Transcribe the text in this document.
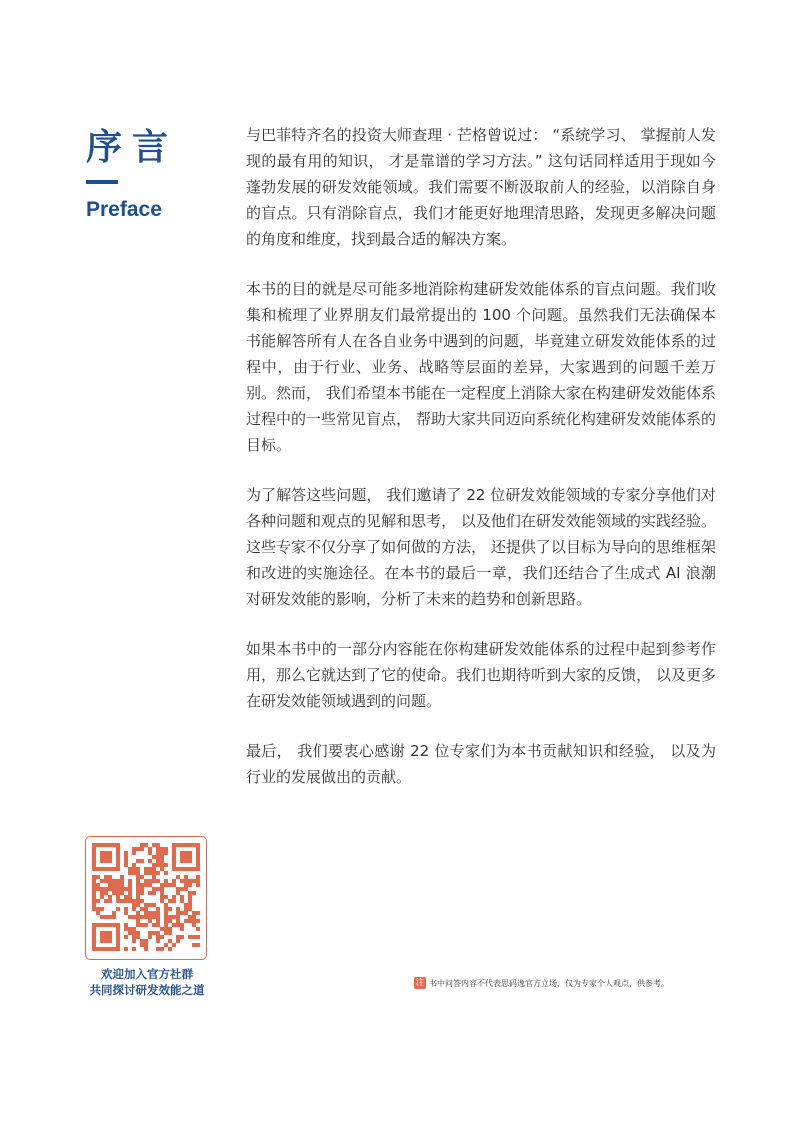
序言
Preface

与巴菲特齐名的投资大师查理 · 芒格曾说过： “系统学习、 掌握前人发现的最有用的知识， 才是靠谱的学习方法。” 这句话同样适用于现如今蓬勃发展的研发效能领域。我们需要不断汲取前人的经验，以消除自身的盲点。只有消除盲点，我们才能更好地理清思路，发现更多解决问题的角度和维度，找到最合适的解决方案。

本书的目的就是尽可能多地消除构建研发效能体系的盲点问题。我们收集和梳理了业界朋友们最常提出的 100 个问题。虽然我们无法确保本书能解答所有人在各自业务中遇到的问题，毕竟建立研发效能体系的过程中，由于行业、业务、战略等层面的差异，大家遇到的问题千差万别。然而， 我们希望本书能在一定程度上消除大家在构建研发效能体系过程中的一些常见盲点， 帮助大家共同迈向系统化构建研发效能体系的目标。

为了解答这些问题， 我们邀请了 22 位研发效能领域的专家分享他们对各种问题和观点的见解和思考， 以及他们在研发效能领域的实践经验。这些专家不仅分享了如何做的方法， 还提供了以目标为导向的思维框架和改进的实施途径。在本书的最后一章，我们还结合了生成式 AI 浪潮对研发效能的影响，分析了未来的趋势和创新思路。

如果本书中的一部分内容能在你构建研发效能体系的过程中起到参考作用，那么它就达到了它的使命。我们也期待听到大家的反馈， 以及更多在研发效能领域遇到的问题。

最后， 我们要衷心感谢 22 位专家们为本书贡献知识和经验， 以及为行业的发展做出的贡献。

欢迎加入官方社群
共同探讨研发效能之道	注 书中问答内容不代表思码逸官方立场，仅为专家个人观点，供参考。
